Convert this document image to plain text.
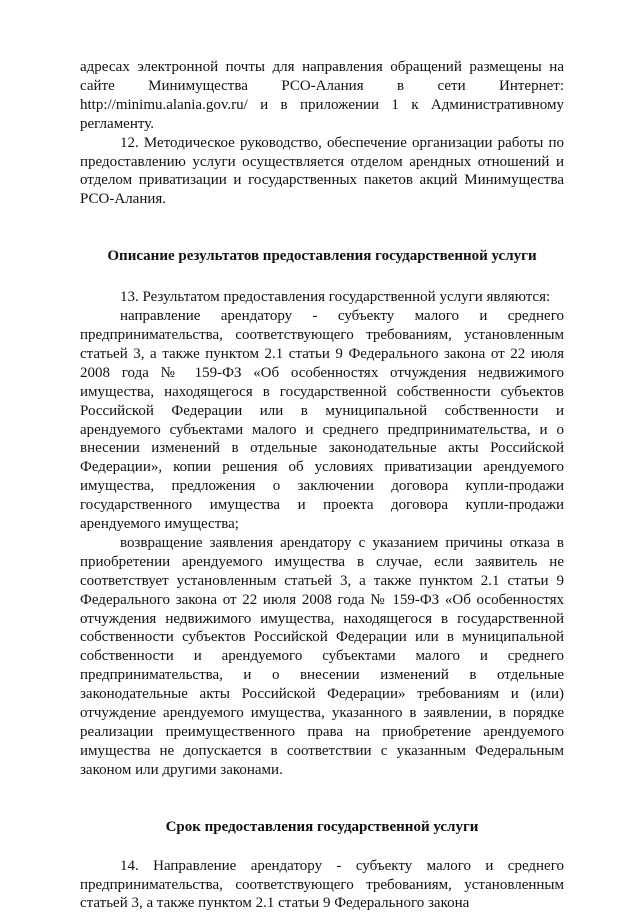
адресах электронной почты для направления обращений размещены на сайте Минимущества РСО-Алания в сети Интернет: http://minimu.alania.gov.ru/ и в приложении 1 к Административному регламенту.

12. Методическое руководство, обеспечение организации работы по предоставлению услуги осуществляется отделом арендных отношений и отделом приватизации и государственных пакетов акций Минимущества РСО-Алания.

Описание результатов предоставления государственной услуги

13. Результатом предоставления государственной услуги являются:

направление арендатору - субъекту малого и среднего предпринимательства, соответствующего требованиям, установленным статьей 3, а также пунктом 2.1 статьи 9 Федерального закона от 22 июля 2008 года № 159-ФЗ «Об особенностях отчуждения недвижимого имущества, находящегося в государственной собственности субъектов Российской Федерации или в муниципальной собственности и арендуемого субъектами малого и среднего предпринимательства, и о внесении изменений в отдельные законодательные акты Российской Федерации», копии решения об условиях приватизации арендуемого имущества, предложения о заключении договора купли-продажи государственного имущества и проекта договора купли-продажи арендуемого имущества;

возвращение заявления арендатору с указанием причины отказа в приобретении арендуемого имущества в случае, если заявитель не соответствует установленным статьей 3, а также пунктом 2.1 статьи 9 Федерального закона от 22 июля 2008 года № 159-ФЗ «Об особенностях отчуждения недвижимого имущества, находящегося в государственной собственности субъектов Российской Федерации или в муниципальной собственности и арендуемого субъектами малого и среднего предпринимательства, и о внесении изменений в отдельные законодательные акты Российской Федерации» требованиям и (или) отчуждение арендуемого имущества, указанного в заявлении, в порядке реализации преимущественного права на приобретение арендуемого имущества не допускается в соответствии с указанным Федеральным законом или другими законами.

Срок предоставления государственной услуги

14. Направление арендатору - субъекту малого и среднего предпринимательства, соответствующего требованиям, установленным статьей 3, а также пунктом 2.1 статьи 9 Федерального закона
